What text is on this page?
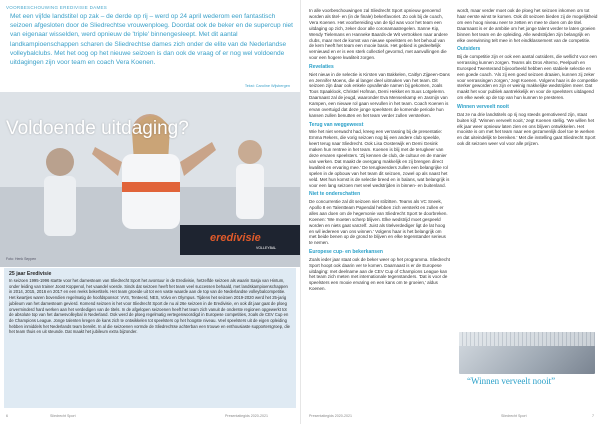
VOORBESCHOUWING EREDIVISIE DAMES

Met een vijfde landstitel op zak – de derde op rij – werd op 24 april wederom een fantastisch seizoen afgesloten door de Sliedrechtse vrouwenploeg. Doordat ook de beker en de supercup niet van eigenaar wisselden, werd opnieuw de 'triple' binnengesleept. Met dit aantal landkampioenschappen scharen de Sliedrechtse dames zich onder de elite van de Nederlandse volleybalclubs. Met het oog op het nieuwe seizoen is dan ook de vraag of er nog wel voldoende uitdagingen zijn voor team en coach Vera Koenen.

Tekst: Caroline Wijsbergen
Voldoende uitdaging?
eredivisie
VOLLEYBAL
Foto: Henk Seppen
25 jaar Eredivisie

In seizoen 1995-1996 startte voor het damesteam van Sliedrecht Sport het avontuur in de Eredivisie, hetzelfde seizoen als waarin Sasja van Hintum, onder leiding van trainer Joost Koppenol, het vaandel voerde. Sinds dat seizoen heeft het team veel successen behaald, met landskampioenschappen in 2014, 2015, 2016 en 2017 en een reeks bekertitels. Het team groeide uit tot een vaste waarde aan de top van de Nederlandse volleybalcompetitie. Het kwartjes waren bovendien regelmatig de hoofdsponsor: VVS, Tenteerd, NES, Volvo en Olympus. Tijdens het seizoen 2019-2020 werd het 25-jarig jubileum van het damesteam gevierd. Komend seizoen is het voor Sliedrecht Sport de nu al 26e seizoen in de Eredivisie, en ook dit jaar gaat de ploeg onverminderd hard werken aan het verdedigen van de titels. In de afgelopen seizoenen heeft het team zich vanuit de onderste regionen opgewerkt tot de absolute top van het damesvolleybal in Nederland. Ook werd de ploeg regelmatig vertegenwoordigd in Europese competities, zoals de CEV Cup en de Champions League. Jonge talenten kregen de kans zich te ontwikkelen tot speelsters op het hoogste niveau. Veel speelsters uit de eigen opleiding hebben inmiddels het Nederlands team bereikt. In al die seizoenen vormde de Sliedrechtse achterban een trouwe en enthousiaste supportersgroep, die het team thuis en uit steunde. Dat maakt het jubileum extra bijzonder.

6	Sliedrecht Sport	Presentatiegids 2020-2021

In alle voorbeschouwingen zal Sliedrecht Sport opnieuw genoemd worden als titel- en (in de finale) bekerfavoriet. Zo ook bij de coach, Vera Koenen. Het voorbereiding van de tijd was voor het team een uitdaging op zich, zeker door alle coronamaatregelen. Sanne Kip, Wendy Tielemans en Hanneke Baards-de Wit vertrokken naar andere clubs, maar met de komst van nieuwe speelsters en het behoud van de kern heeft het team een mooie basis. Het gebied is gedeeltelijk vernieuwd en er is een sterk collectief gevormd, met aanvullingen die voor een hogere kwaliteit zorgen.

Revelaties

Niet nieuw in de selectie is Kirsten van Bakkelen, Caitlyn Zijpeen-Dans en Jennifer Moens, die al langer deel uitmaken van het team. Dit seizoen zijn daar ook enkele opvallende namen bij gekomen, zoals Toos Spaaklook, Christel Hofman, Demi Hekket en Suus Lotgelemn. Daarnaast zal de jeugd, waaronder Eva Mensenkamp en Jasmijn van Kampen, een nieuwe rol gaan vervullen in het team. Coach Koenen is ervan overtuigd dat deze jonge speelsters de komende periode hun kansen zullen benutten en het team verder zullen versterken.

Terug van weggeweest

Wie het niet verwacht had, kreeg een verrassing bij de presentatie: Emma Rekers, die vorig seizoen nog bij een andere club speelde, keert terug naar Sliedrecht. Ook Lisa Oosterwijk en Demi Gesink maken hun rentree in het team. Koenen is blij met de terugkeer van deze ervaren speelsters. 'Zij kennen de club, de cultuur en de manier van werken. Dat maakt de overgang makkelijk en zij brengen direct kwaliteit en ervaring mee.' De terugkeerders zullen een belangrijke rol spelen in de opbouw van het team dit seizoen, zowel op als naast het veld. Met hun komst is de selectie breed en in balans, wat belangrijk is voor een lang seizoen met veel wedstrijden in binnen- en buitenland.

Niet te onderschatten

De concurrentie zal dit seizoen niet stilzitten. Teams als VC Sneek, Apollo 8 en Talentteam Papendal hebben zich versterkt en zullen er alles aan doen om de hegemonie van Sliedrecht Sport te doorbreken. Koenen: 'We moeten scherp blijven. Elke wedstrijd moet gespeeld worden en niets gaat vanzelf. Juist als titelverdediger ligt de lat hoog en wil iedereen van ons winnen.' Volgens haar is het belangrijk om met beide benen op de grond te blijven en elke tegenstander serieus te nemen.

Europese cup- en bekerkansen

Zoals ieder jaar staat ook de beker weer op het programma. Sliedrecht Sport hoopt ook daarin ver te komen. Daarnaast is er de Europese uitdaging: met deelname aan de CEV Cup of Champions League kan het team zich meten met internationale tegenstanders. 'Dat is voor de speelsters een mooie ervaring en een kans om te groeien,' aldus Koenen.

wordt, maar verder moet ook de ploeg het seizoen inkomen om tot haar eerste winst te komen. Ook dit seizoen bieden zij de mogelijkheid om een hoog niveau neer te zetten en mee te doen om de titel. Daarnaast is er de ambitie om het jonge talent verder te laten groeien binnen het team en de opleiding. Alle wedstrijden zijn belangrijk en elke overwinning telt mee in het eindklassement van de competitie.

Outsiders

Bij de competitie zijn er ook een aantal outsiders, die wellicht voor een verrassing kunnen zorgen. Teams als Dros Alterno, Peelpush en Eurosped Twenterand bijvoorbeeld hebben een stabiele selectie en een goede coach. 'Als zij een goed seizoen draaien, kunnen zij zeker voor verrassingen zorgen,' zegt Koenen. Volgens haar is de competitie sterker geworden en zijn er weinig makkelijke wedstrijden meer. Dat maakt het voor publiek aantrekkelijk en voor de speelsters uitdagend om elke week op de top van hun kunnen te presteren.

Winnen verveelt nooit

Dat ze na drie landstitels op rij nog steeds gemotiveerd zijn, staat buiten kijf. 'Winnen verveelt nooit,' zegt Koenen stellig. 'We willen het elk jaar weer opnieuw laten zien en ons blijven ontwikkelen. Het mooiste is om met het team naar een gezamenlijk doel toe te werken en dat uiteindelijk te bereiken.' Met die instelling gaat Sliedrecht Sport ook dit seizoen weer vol voor alle prijzen.

“Winnen verveelt nooit”
Presentatiegids 2020-2021	Sliedrecht Sport	7
